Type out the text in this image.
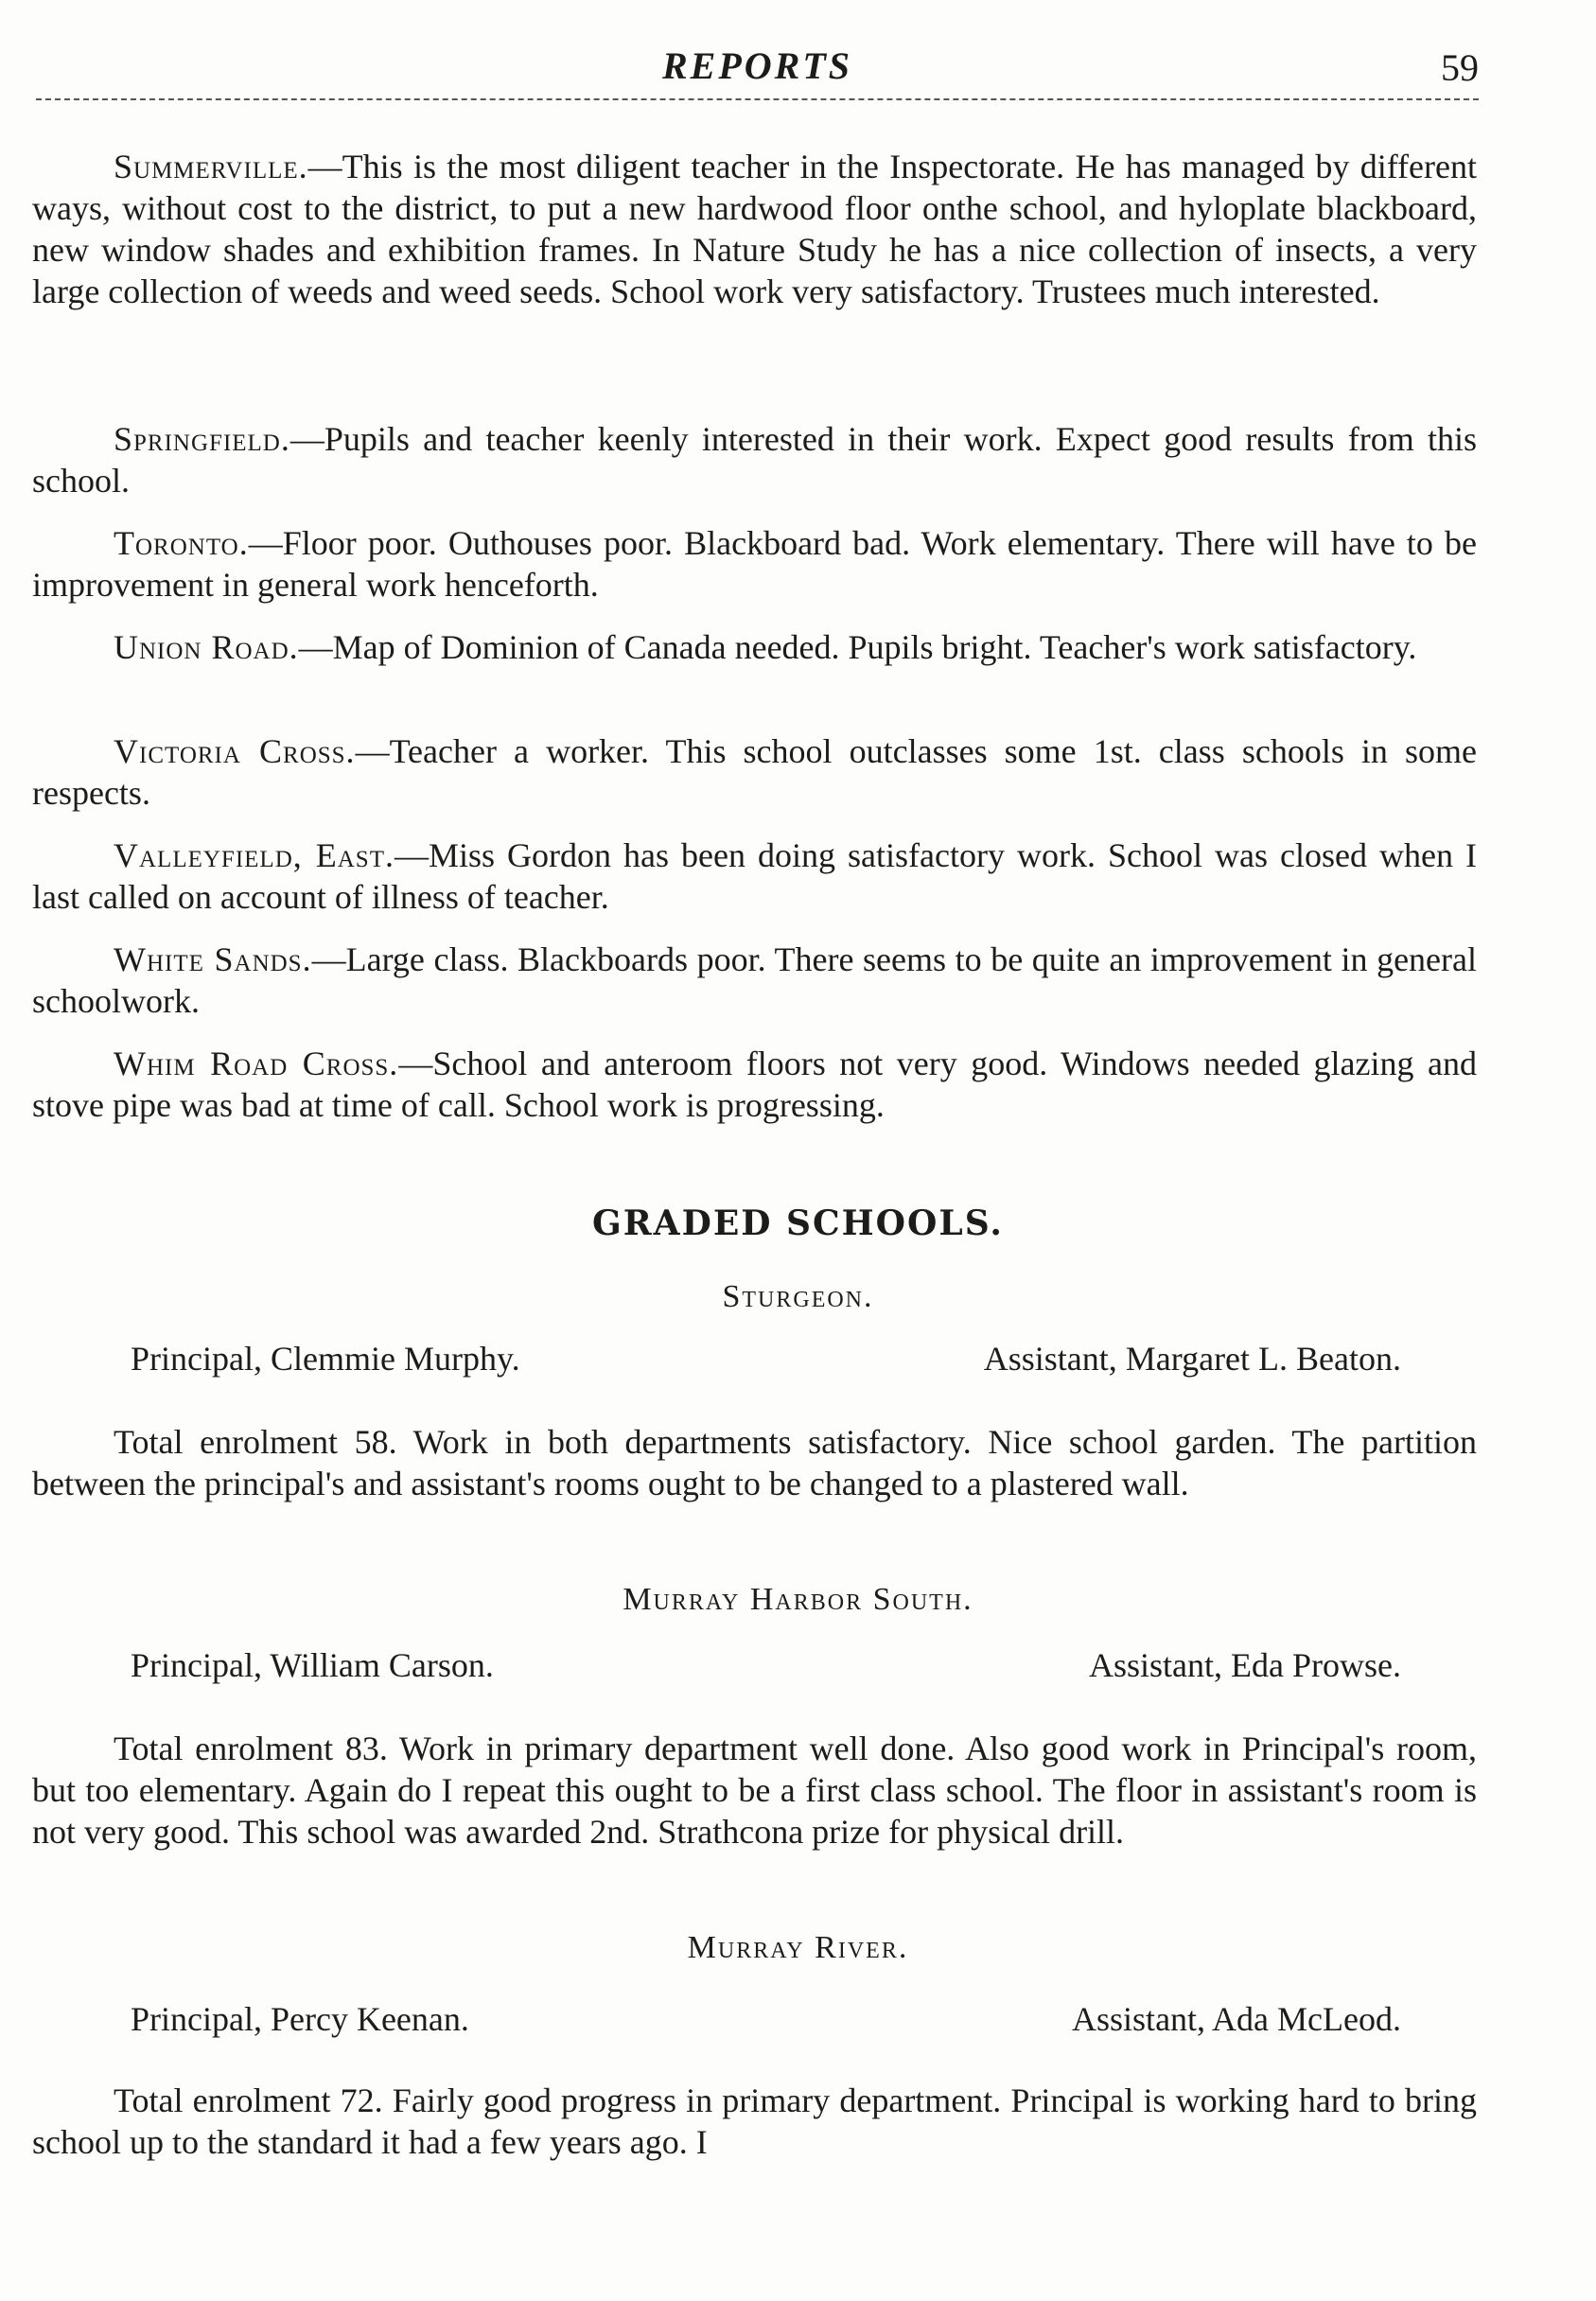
REPORTS	59

Summerville.—This is the most diligent teacher in the Inspectorate. He has managed by different ways, without cost to the district, to put a new hardwood floor onthe school, and hyloplate blackboard, new window shades and exhibition frames. In Nature Study he has a nice collection of insects, a very large collection of weeds and weed seeds. School work very satisfactory. Trustees much interested.

Springfield.—Pupils and teacher keenly interested in their work. Expect good results from this school.

Toronto.—Floor poor. Outhouses poor. Blackboard bad. Work elementary. There will have to be improvement in general work henceforth.

Union Road.—Map of Dominion of Canada needed. Pupils bright. Teacher's work satisfactory.

Victoria Cross.—Teacher a worker. This school outclasses some 1st. class schools in some respects.

Valleyfield, East.—Miss Gordon has been doing satisfactory work. School was closed when I last called on account of illness of teacher.

White Sands.—Large class. Blackboards poor. There seems to be quite an improvement in general schoolwork.

Whim Road Cross.—School and anteroom floors not very good. Windows needed glazing and stove pipe was bad at time of call. School work is progressing.

GRADED SCHOOLS.
Sturgeon.
Principal, Clemmie Murphy.	Assistant, Margaret L. Beaton.

Total enrolment 58. Work in both departments satisfactory. Nice school garden. The partition between the principal's and assistant's rooms ought to be changed to a plastered wall.

Murray Harbor South.
Principal, William Carson.	Assistant, Eda Prowse.

Total enrolment 83. Work in primary department well done. Also good work in Principal's room, but too elementary. Again do I repeat this ought to be a first class school. The floor in assistant's room is not very good. This school was awarded 2nd. Strathcona prize for physical drill.

Murray River.
Principal, Percy Keenan.	Assistant, Ada McLeod.

Total enrolment 72. Fairly good progress in primary department. Principal is working hard to bring school up to the standard it had a few years ago. I
